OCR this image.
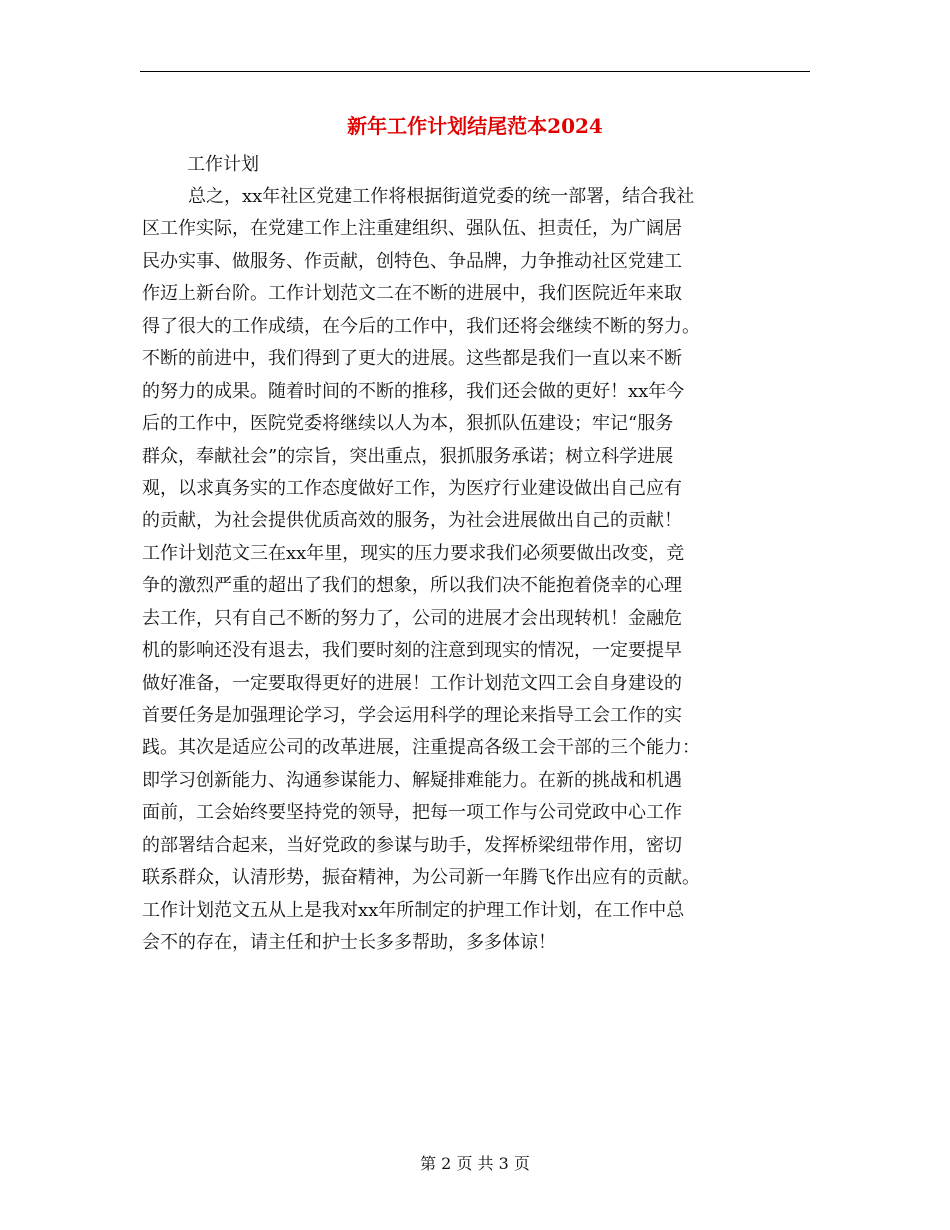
新年工作计划结尾范本2024
工作计划
总之，xx年社区党建工作将根据街道党委的统一部署，结合我社
区工作实际，在党建工作上注重建组织、强队伍、担责任，为广阔居
民办实事、做服务、作贡献，创特色、争品牌，力争推动社区党建工
作迈上新台阶。工作计划范文二在不断的进展中，我们医院近年来取
得了很大的工作成绩，在今后的工作中，我们还将会继续不断的努力。
不断的前进中，我们得到了更大的进展。这些都是我们一直以来不断
的努力的成果。随着时间的不断的推移，我们还会做的更好！xx年今
后的工作中，医院党委将继续以人为本，狠抓队伍建设；牢记“服务
群众，奉献社会”的宗旨，突出重点，狠抓服务承诺；树立科学进展
观，以求真务实的工作态度做好工作，为医疗行业建设做出自己应有
的贡献，为社会提供优质高效的服务，为社会进展做出自己的贡献！
工作计划范文三在xx年里，现实的压力要求我们必须要做出改变，竞
争的激烈严重的超出了我们的想象，所以我们决不能抱着侥幸的心理
去工作，只有自己不断的努力了，公司的进展才会出现转机！金融危
机的影响还没有退去，我们要时刻的注意到现实的情况，一定要提早
做好准备，一定要取得更好的进展！工作计划范文四工会自身建设的
首要任务是加强理论学习，学会运用科学的理论来指导工会工作的实
践。其次是适应公司的改革进展，注重提高各级工会干部的三个能力：
即学习创新能力、沟通参谋能力、解疑排难能力。在新的挑战和机遇
面前，工会始终要坚持党的领导，把每一项工作与公司党政中心工作
的部署结合起来，当好党政的参谋与助手，发挥桥梁纽带作用，密切
联系群众，认清形势，振奋精神，为公司新一年腾飞作出应有的贡献。
工作计划范文五从上是我对xx年所制定的护理工作计划，在工作中总
会不的存在，请主任和护士长多多帮助，多多体谅！
第 2 页 共 3 页
